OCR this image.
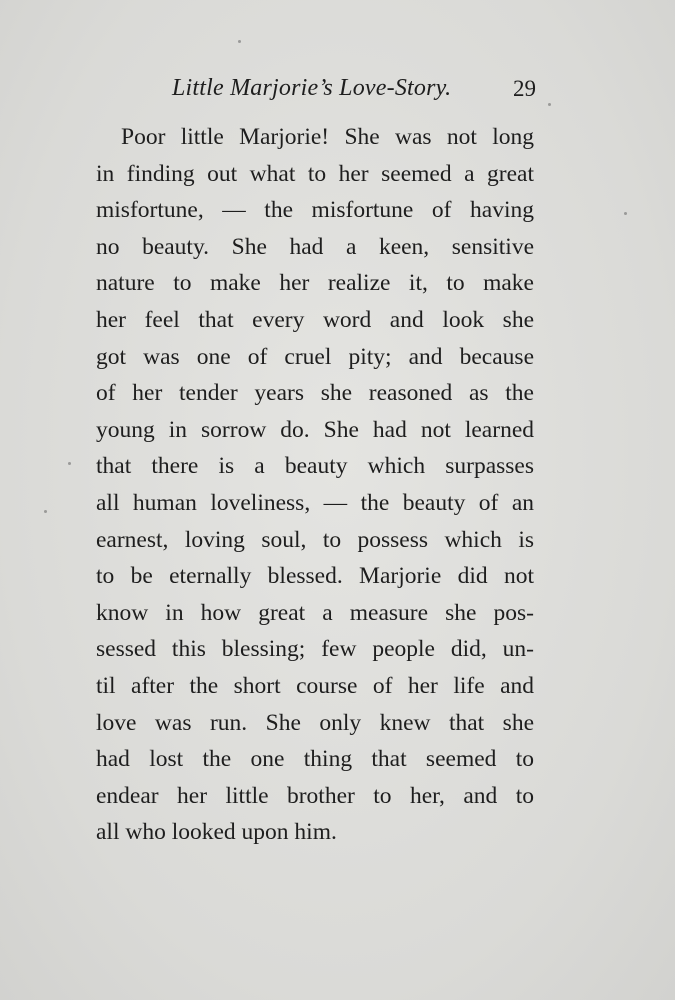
Little Marjorie’s Love-Story.	29
Poor little Marjorie! She was not long
in finding out what to her seemed a great
misfortune, — the misfortune of having
no beauty. She had a keen, sensitive
nature to make her realize it, to make
her feel that every word and look she
got was one of cruel pity; and because
of her tender years she reasoned as the
young in sorrow do. She had not learned
that there is a beauty which surpasses
all human loveliness, — the beauty of an
earnest, loving soul, to possess which is
to be eternally blessed. Marjorie did not
know in how great a measure she pos-
sessed this blessing; few people did, un-
til after the short course of her life and
love was run. She only knew that she
had lost the one thing that seemed to
endear her little brother to her, and to
all who looked upon him.
